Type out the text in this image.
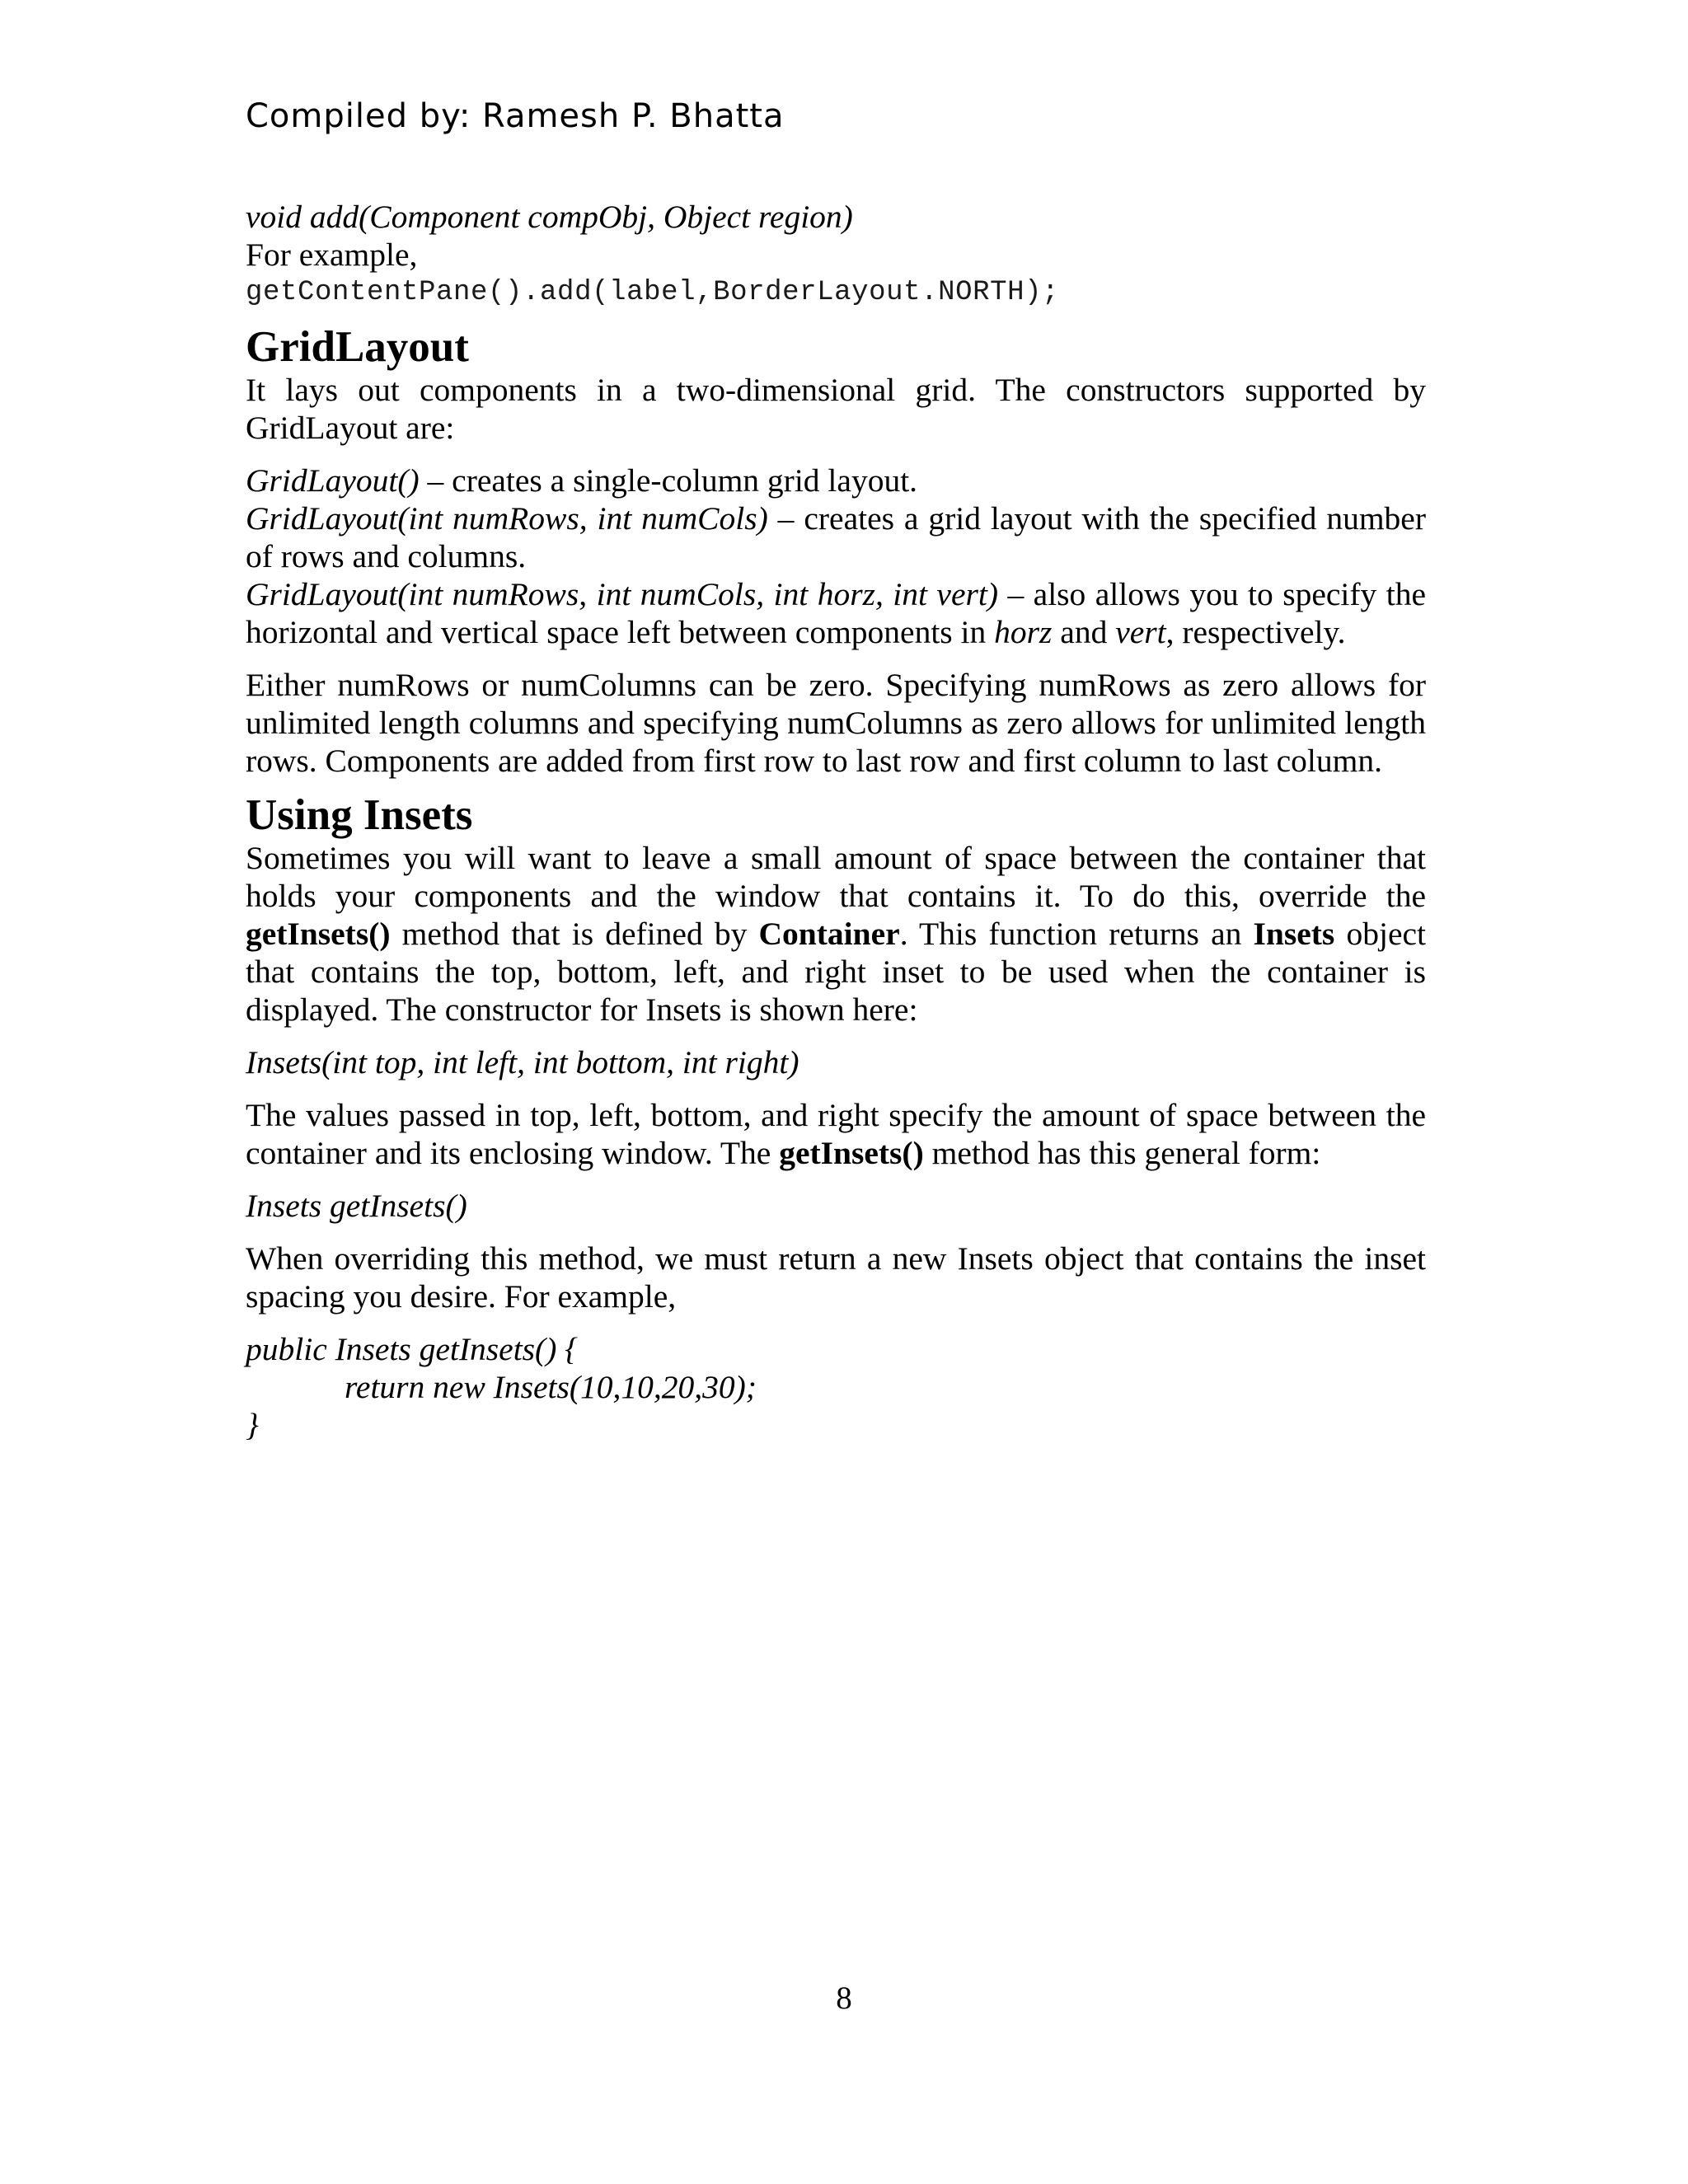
Compiled by: Ramesh P. Bhatta

void add(Component compObj, Object region)

For example,

getContentPane().add(label,BorderLayout.NORTH);

GridLayout

It lays out components in a two-dimensional grid. The constructors supported by GridLayout are:

GridLayout() – creates a single-column grid layout.

GridLayout(int numRows, int numCols) – creates a grid layout with the specified number of rows and columns.

GridLayout(int numRows, int numCols, int horz, int vert) – also allows you to specify the horizontal and vertical space left between components in horz and vert, respectively.

Either numRows or numColumns can be zero. Specifying numRows as zero allows for unlimited length columns and specifying numColumns as zero allows for unlimited length rows. Components are added from first row to last row and first column to last column.

Using Insets

Sometimes you will want to leave a small amount of space between the container that holds your components and the window that contains it. To do this, override the getInsets() method that is defined by Container. This function returns an Insets object that contains the top, bottom, left, and right inset to be used when the container is displayed. The constructor for Insets is shown here:

Insets(int top, int left, int bottom, int right)

The values passed in top, left, bottom, and right specify the amount of space between the container and its enclosing window. The getInsets() method has this general form:

Insets getInsets()

When overriding this method, we must return a new Insets object that contains the inset spacing you desire. For example,

public Insets getInsets() {

return new Insets(10,10,20,30);

}

8
